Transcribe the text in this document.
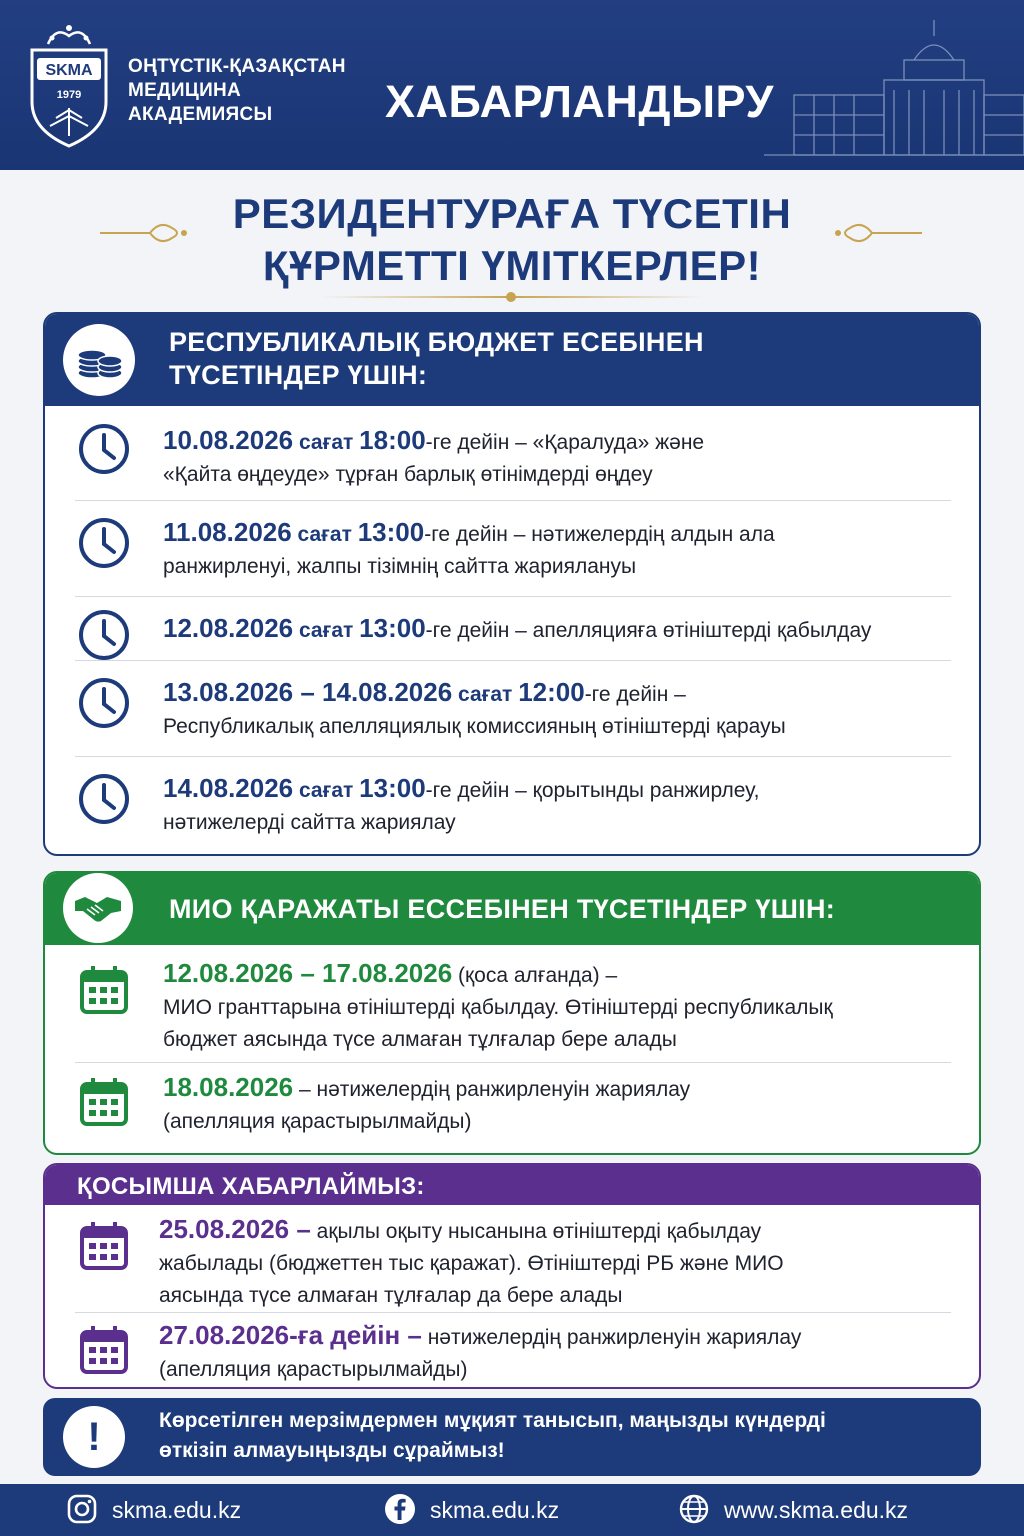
SKMA
1979
ОҢТҮСТІК-ҚАЗАҚСТАН
МЕДИЦИНА
АКАДЕМИЯСЫ	ХАБАРЛАНДЫРУ
РЕЗИДЕНТУРАҒА ТҮСЕТІН
ҚҰРМЕТТІ ҮМІТКЕРЛЕР!
РЕСПУБЛИКАЛЫҚ БЮДЖЕТ ЕСЕБІНЕН
ТҮСЕТІНДЕР ҮШІН:
10.08.2026 сағат 18:00-ге дейін – «Қаралуда» және
«Қайта өңдеуде» тұрған барлық өтінімдерді өңдеу
11.08.2026 сағат 13:00-ге дейін – нәтижелердің алдын ала
ранжирленуі, жалпы тізімнің сайтта жариялануы
12.08.2026 сағат 13:00-ге дейін – апелляцияға өтініштерді қабылдау
13.08.2026 – 14.08.2026 сағат 12:00-ге дейін –
Республикалық апелляциялық комиссияның өтініштерді қарауы
14.08.2026 сағат 13:00-ге дейін – қорытынды ранжирлеу,
нәтижелерді сайтта жариялау
МИО ҚАРАЖАТЫ ЕССЕБІНЕН ТҮСЕТІНДЕР ҮШІН:
12.08.2026 – 17.08.2026 (қоса алғанда) –
МИО гранттарына өтініштерді қабылдау. Өтініштерді республикалық
бюджет аясында түсе алмаған тұлғалар бере алады
18.08.2026 – нәтижелердің ранжирленуін жариялау
(апелляция қарастырылмайды)
ҚОСЫМША ХАБАРЛАЙМЫЗ:
25.08.2026 – ақылы оқыту нысанына өтініштерді қабылдау
жабылады (бюджеттен тыс қаражат). Өтініштерді РБ және МИО
аясында түсе алмаған тұлғалар да бере алады
27.08.2026-ға дейін – нәтижелердің ранжирленуін жариялау
(апелляция қарастырылмайды)
!	Көрсетілген мерзімдермен мұқият танысып, маңызды күндерді
өткізіп алмауыңызды сұраймыз!
skma.edu.kz	skma.edu.kz	www.skma.edu.kz
